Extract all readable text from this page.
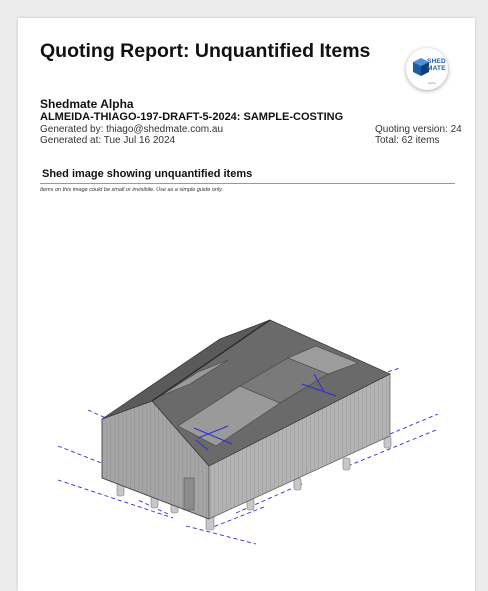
Quoting Report: Unquantified Items	SHED
MATE
Alpha
Shedmate Alpha
ALMEIDA-THIAGO-197-DRAFT-5-2024: SAMPLE-COSTING
Generated by: thiago@shedmate.com.au
Generated at: Tue Jul 16 2024
Quoting version: 24
Total: 62 items
Shed image showing unquantified items
Items on this image could be small or invisibile. Use as a simple guide only.
